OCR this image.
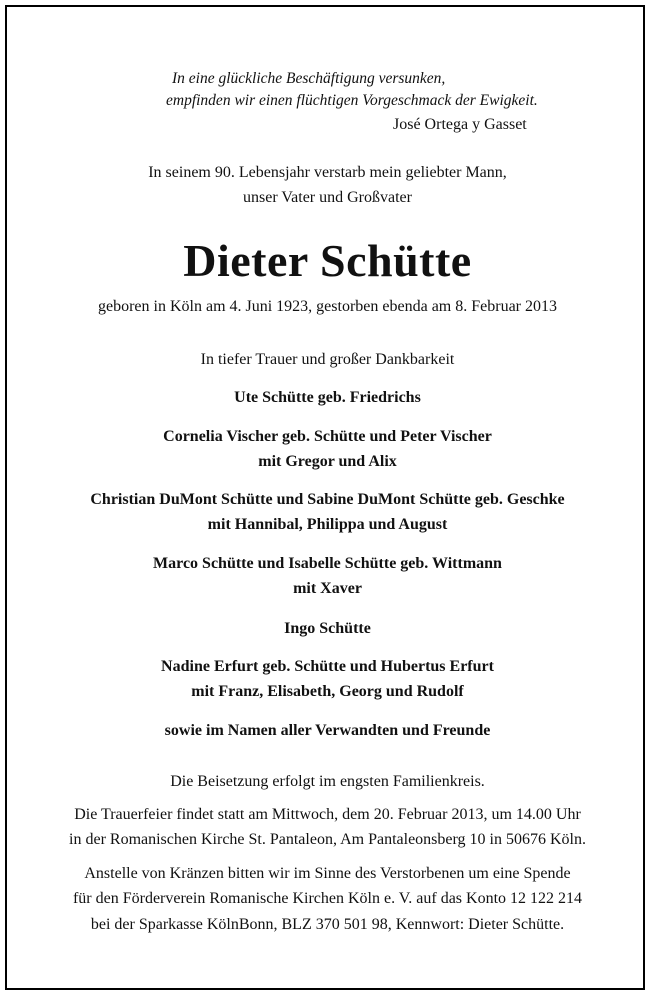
In eine glückliche Beschäftigung versunken,
empfinden wir einen flüchtigen Vorgeschmack der Ewigkeit.
José Ortega y Gasset
In seinem 90. Lebensjahr verstarb mein geliebter Mann,
unser Vater und Großvater
Dieter Schütte
geboren in Köln am 4. Juni 1923, gestorben ebenda am 8. Februar 2013
In tiefer Trauer und großer Dankbarkeit
Ute Schütte geb. Friedrichs
Cornelia Vischer geb. Schütte und Peter Vischer
mit Gregor und Alix
Christian DuMont Schütte und Sabine DuMont Schütte geb. Geschke
mit Hannibal, Philippa und August
Marco Schütte und Isabelle Schütte geb. Wittmann
mit Xaver
Ingo Schütte
Nadine Erfurt geb. Schütte und Hubertus Erfurt
mit Franz, Elisabeth, Georg und Rudolf
sowie im Namen aller Verwandten und Freunde
Die Beisetzung erfolgt im engsten Familienkreis.
Die Trauerfeier findet statt am Mittwoch, dem 20. Februar 2013, um 14.00 Uhr
in der Romanischen Kirche St. Pantaleon, Am Pantaleonsberg 10 in 50676 Köln.
Anstelle von Kränzen bitten wir im Sinne des Verstorbenen um eine Spende
für den Förderverein Romanische Kirchen Köln e. V. auf das Konto 12 122 214
bei der Sparkasse KölnBonn, BLZ 370 501 98, Kennwort: Dieter Schütte.
